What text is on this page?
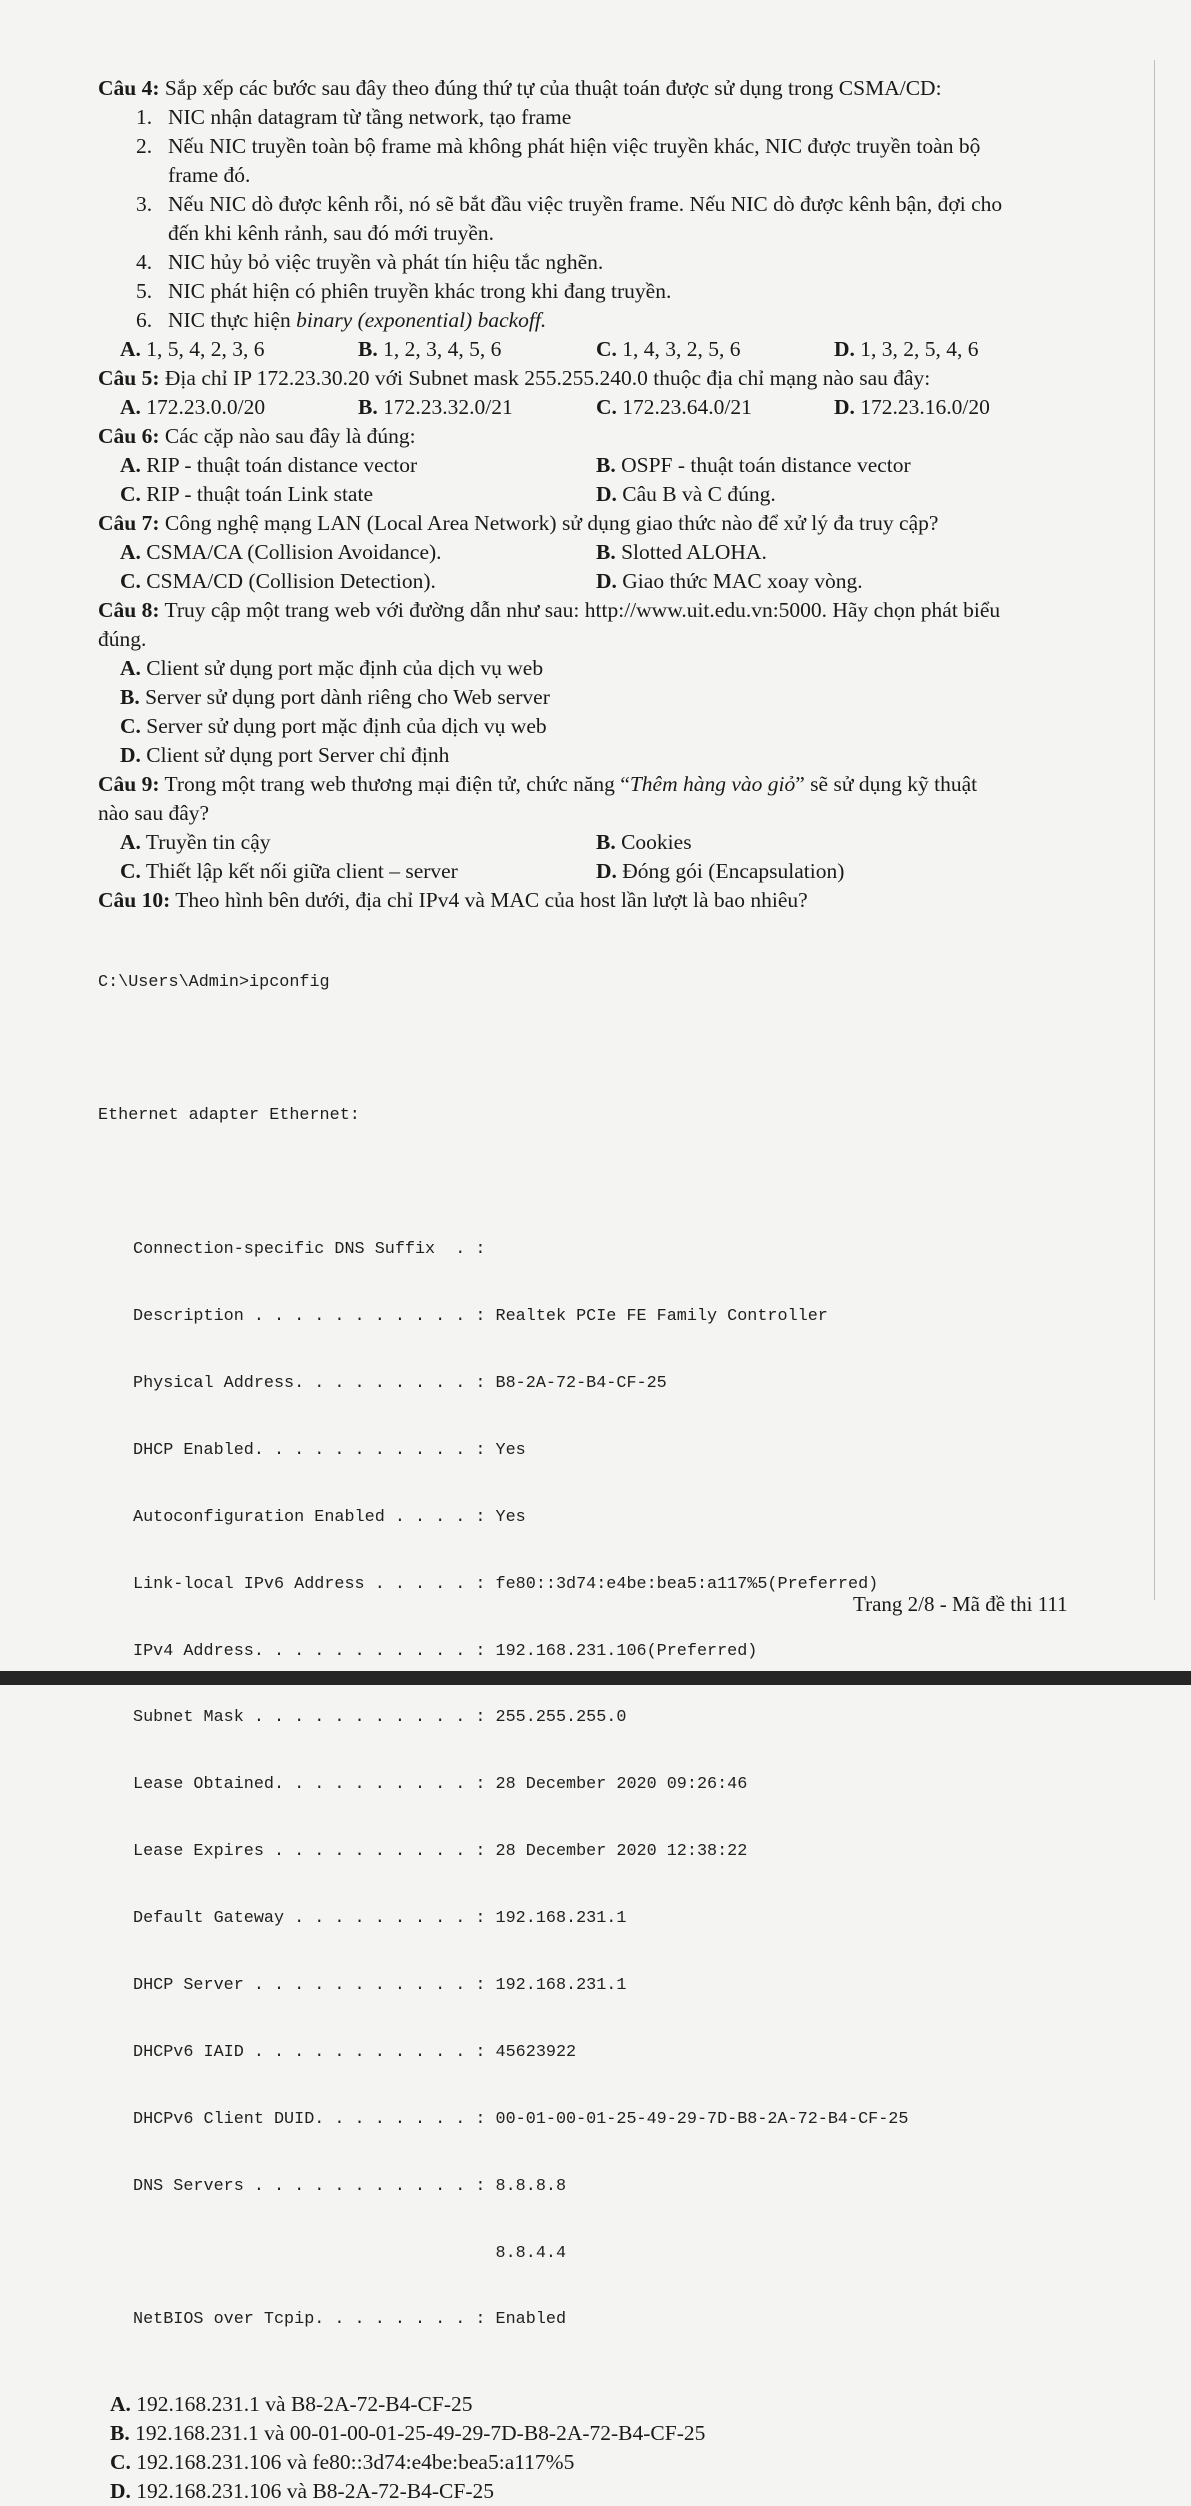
Câu 4: Sắp xếp các bước sau đây theo đúng thứ tự của thuật toán được sử dụng trong CSMA/CD:

1. NIC nhận datagram từ tầng network, tạo frame
2. Nếu NIC truyền toàn bộ frame mà không phát hiện việc truyền khác, NIC được truyền toàn bộ
frame đó.
3. Nếu NIC dò được kênh rỗi, nó sẽ bắt đầu việc truyền frame. Nếu NIC dò được kênh bận, đợi cho
đến khi kênh rảnh, sau đó mới truyền.
4. NIC hủy bỏ việc truyền và phát tín hiệu tắc nghẽn.
5. NIC phát hiện có phiên truyền khác trong khi đang truyền.
6. NIC thực hiện binary (exponential) backoff.
A. 1, 5, 4, 2, 3, 6	B. 1, 2, 3, 4, 5, 6	C. 1, 4, 3, 2, 5, 6	D. 1, 3, 2, 5, 4, 6

Câu 5: Địa chỉ IP 172.23.30.20 với Subnet mask 255.255.240.0 thuộc địa chỉ mạng nào sau đây:

A. 172.23.0.0/20	B. 172.23.32.0/21	C. 172.23.64.0/21	D. 172.23.16.0/20

Câu 6: Các cặp nào sau đây là đúng:

A. RIP - thuật toán distance vector	B. OSPF - thuật toán distance vector
C. RIP - thuật toán Link state	D. Câu B và C đúng.

Câu 7: Công nghệ mạng LAN (Local Area Network) sử dụng giao thức nào để xử lý đa truy cập?

A. CSMA/CA (Collision Avoidance).	B. Slotted ALOHA.
C. CSMA/CD (Collision Detection).	D. Giao thức MAC xoay vòng.

Câu 8: Truy cập một trang web với đường dẫn như sau: http://www.uit.edu.vn:5000. Hãy chọn phát biểu
đúng.

A. Client sử dụng port mặc định của dịch vụ web
B. Server sử dụng port dành riêng cho Web server
C. Server sử dụng port mặc định của dịch vụ web
D. Client sử dụng port Server chỉ định

Câu 9: Trong một trang web thương mại điện tử, chức năng “Thêm hàng vào giỏ” sẽ sử dụng kỹ thuật
nào sau đây?

A. Truyền tin cậy	B. Cookies
C. Thiết lập kết nối giữa client – server	D. Đóng gói (Encapsulation)

Câu 10: Theo hình bên dưới, địa chỉ IPv4 và MAC của host lần lượt là bao nhiêu?

C:\Users\Admin>ipconfig

Ethernet adapter Ethernet:

Connection-specific DNS Suffix  . :

Description . . . . . . . . . . . : Realtek PCIe FE Family Controller

Physical Address. . . . . . . . . : B8-2A-72-B4-CF-25

DHCP Enabled. . . . . . . . . . . : Yes

Autoconfiguration Enabled . . . . : Yes

Link-local IPv6 Address . . . . . : fe80::3d74:e4be:bea5:a117%5(Preferred)

IPv4 Address. . . . . . . . . . . : 192.168.231.106(Preferred)

Subnet Mask . . . . . . . . . . . : 255.255.255.0

Lease Obtained. . . . . . . . . . : 28 December 2020 09:26:46

Lease Expires . . . . . . . . . . : 28 December 2020 12:38:22

Default Gateway . . . . . . . . . : 192.168.231.1

DHCP Server . . . . . . . . . . . : 192.168.231.1

DHCPv6 IAID . . . . . . . . . . . : 45623922

DHCPv6 Client DUID. . . . . . . . : 00-01-00-01-25-49-29-7D-B8-2A-72-B4-CF-25

DNS Servers . . . . . . . . . . . : 8.8.8.8

8.8.4.4

NetBIOS over Tcpip. . . . . . . . : Enabled

A. 192.168.231.1 và B8-2A-72-B4-CF-25
B. 192.168.231.1 và 00-01-00-01-25-49-29-7D-B8-2A-72-B4-CF-25
C. 192.168.231.106 và fe80::3d74:e4be:bea5:a117%5
D. 192.168.231.106 và B8-2A-72-B4-CF-25
Trang 2/8 - Mã đề thi 111
